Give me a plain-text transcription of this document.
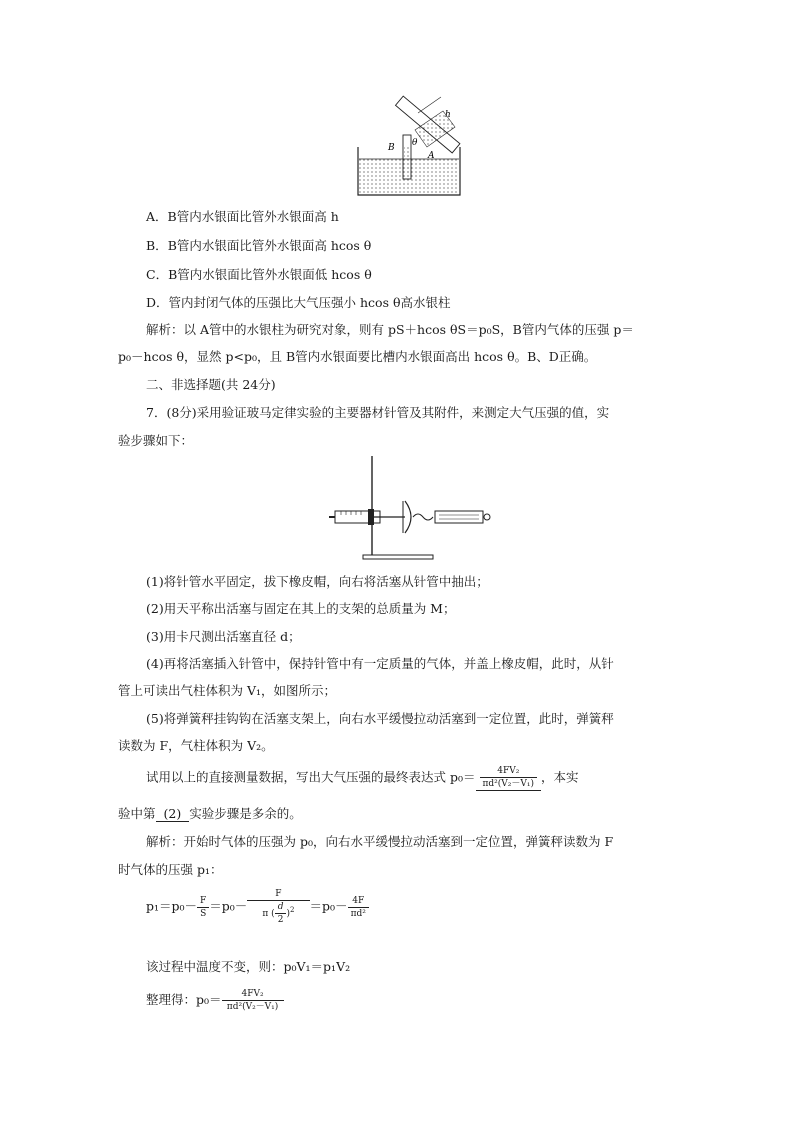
h
B θ
A
A．B管内水银面比管外水银面高 h
B．B管内水银面比管外水银面高 hcos θ
C．B管内水银面比管外水银面低 hcos θ
D．管内封闭气体的压强比大气压强小 hcos θ高水银柱
解析：以 A管中的水银柱为研究对象，则有 pS＋hcos θS＝p₀S，B管内气体的压强 p＝
p₀－hcos θ，显然 p<p₀，且 B管内水银面要比槽内水银面高出 hcos θ。B、D正确。
二、非选择题(共 24分)
7．(8分)采用验证玻马定律实验的主要器材针管及其附件，来测定大气压强的值，实
验步骤如下：
(1)将针管水平固定，拔下橡皮帽，向右将活塞从针管中抽出；
(2)用天平称出活塞与固定在其上的支架的总质量为 M；
(3)用卡尺测出活塞直径 d；
(4)再将活塞插入针管中，保持针管中有一定质量的气体，并盖上橡皮帽，此时，从针
管上可读出气柱体积为 V₁，如图所示；
(5)将弹簧秤挂钩钩在活塞支架上，向右水平缓慢拉动活塞到一定位置，此时，弹簧秤
读数为 F，气柱体积为 V₂。
试用以上的直接测量数据，写出大气压强的最终表达式 $p_0= \frac{\text{4FV₂}}{\text{πd²(V₂－V₁)}}$ ，本实
验中第 (2) 实验步骤是多余的。
解析：开始时气体的压强为 p₀，向右水平缓慢拉动活塞到一定位置，弹簧秤读数为 F
时气体的压强 p₁：
$p_1=p_0- \frac{F}{S} =p_0- \frac{F}{\pi ( \frac{d}{2} )^2} =p_0- \frac{4F}{\text{πd²}}$
该过程中温度不变，则：p₀V₁＝p₁V₂
整理得：$p_0= \frac{\text{4FV₂}}{\text{πd²(V₂－V₁)}}$
